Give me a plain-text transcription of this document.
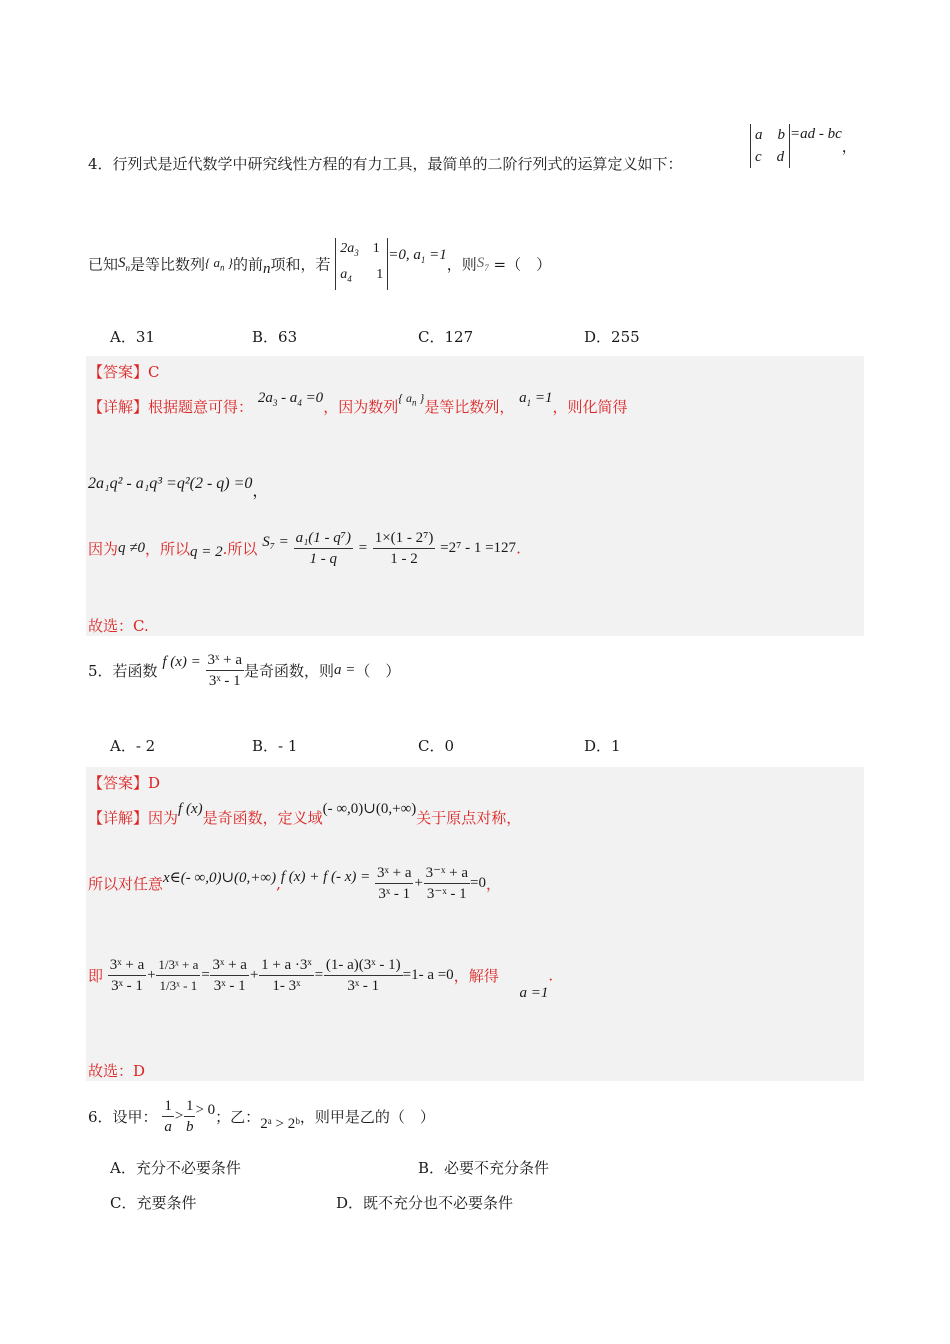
4．行列式是近代数学中研究线性方程的有力工具，最简单的二阶行列式的运算定义如下：
a b
c d
=ad - bc，
已知$S_n$是等比数列{ $a_n$ }的前n项和，若
$2a_3$ 1
$a_4$ 1
=0, $a_1 =1$，则$S_7$ =（　）
A．31	B．63	C．127	D．255
【答案】C
【详解】根据题意可得： $2a_3 - a_4 =0$，因为数列$^{\{ a_n \}}$是等比数列， $a_1 =1$，则化简得
2a₁q² - a₁q³ =q²(2 - q) =0，
因为q ≠0，所以q = 2.所以 $S_7 = \frac{\text{a₁(1 - q⁷)}}{1 - q} = \frac{\text{1×(1 - 2⁷)}}{1 - 2} =2^7 - 1 =127$.
故选：C.
5．若函数 f $(x) = \frac{\text{3ˣ + a}}{\text{3ˣ - 1}}$ 是奇函数，则a =（　）
A．- 2	B．- 1	C．0	D．1
【答案】D
【详解】因为f (x)是奇函数，定义域(- ∞,0)∪(0,+∞)关于原点对称，
所以对任意x∈(- ∞,0)∪(0,+∞),f (x) + f (- $x) = \frac{\text{3ˣ + a}}{\text{3ˣ - 1}} + \frac{\text{3⁻ˣ + a}}{\text{3⁻ˣ - 1}} =0$，
即 $\frac{\text{3ˣ + a}}{\text{3ˣ - 1}} + \frac{\text{1/3ˣ + a}}{\text{1/3ˣ - 1}} = \frac{\text{3ˣ + a}}{\text{3ˣ - 1}} + \frac{\text{1 + a ·3ˣ}}{\text{1- 3ˣ}} = \frac{\text{(1- a)(3ˣ - 1)}}{\text{3ˣ - 1}} =1-$ a =0，解得 a =1.
故选：D
6．设甲： $\frac{1}{a} > \frac{1}{b} > 0$；乙：2ᵃ > 2ᵇ，则甲是乙的（　）
A．充分不必要条件	B．必要不充分条件
C．充要条件	D．既不充分也不必要条件
